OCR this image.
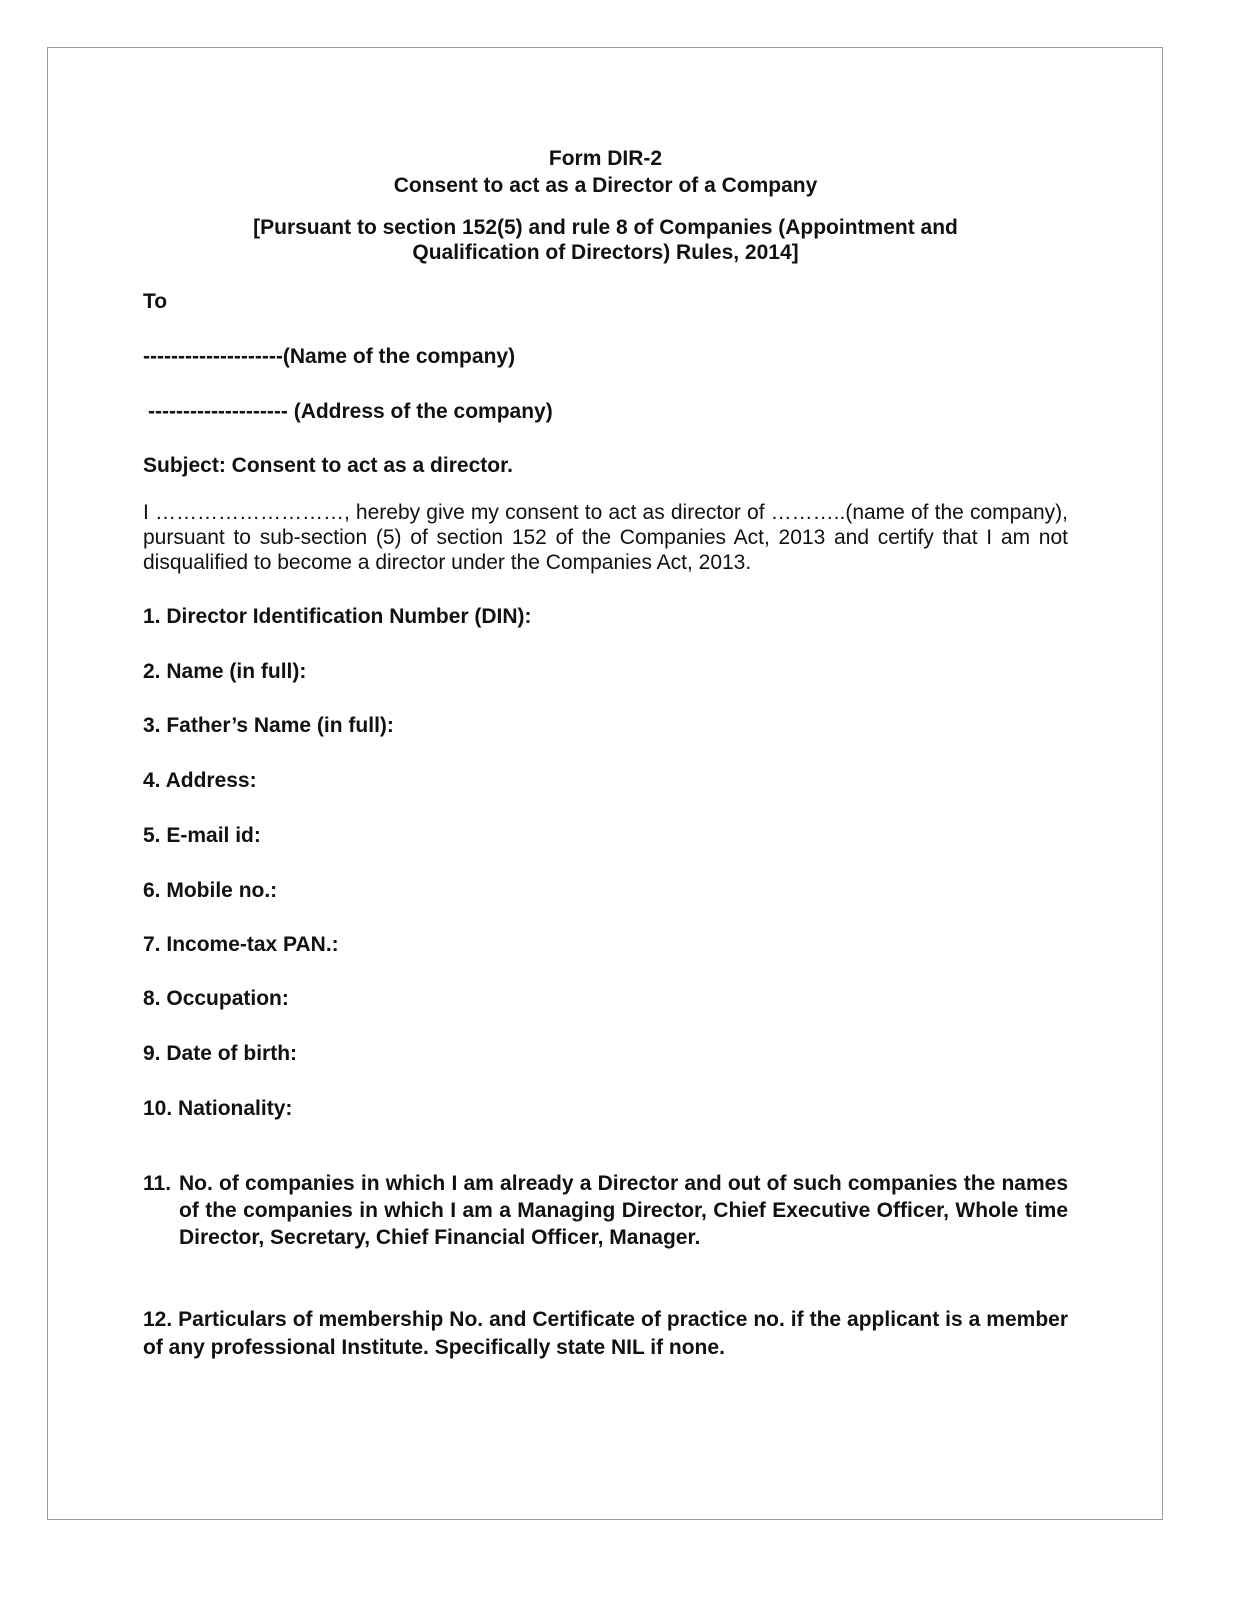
Form DIR-2
Consent to act as a Director of a Company
[Pursuant to section 152(5) and rule 8 of Companies (Appointment and
Qualification of Directors) Rules, 2014]
To
--------------------(Name of the company)
-------------------- (Address of the company)
Subject: Consent to act as a director.
I ………………………, hereby give my consent to act as director of ………..(name of the company), pursuant to sub-section (5) of section 152 of the Companies Act, 2013 and certify that I am not disqualified to become a director under the Companies Act, 2013.
1. Director Identification Number (DIN):
2. Name (in full):
3. Father’s Name (in full):
4. Address:
5. E-mail id:
6. Mobile no.:
7. Income-tax PAN.:
8. Occupation:
9. Date of birth:
10. Nationality:
11. No. of companies in which I am already a Director and out of such companies the names of the companies in which I am a Managing Director, Chief Executive Officer, Whole time Director, Secretary, Chief Financial Officer, Manager.
12. Particulars of membership No. and Certificate of practice no. if the applicant is a member of any professional Institute. Specifically state NIL if none.
